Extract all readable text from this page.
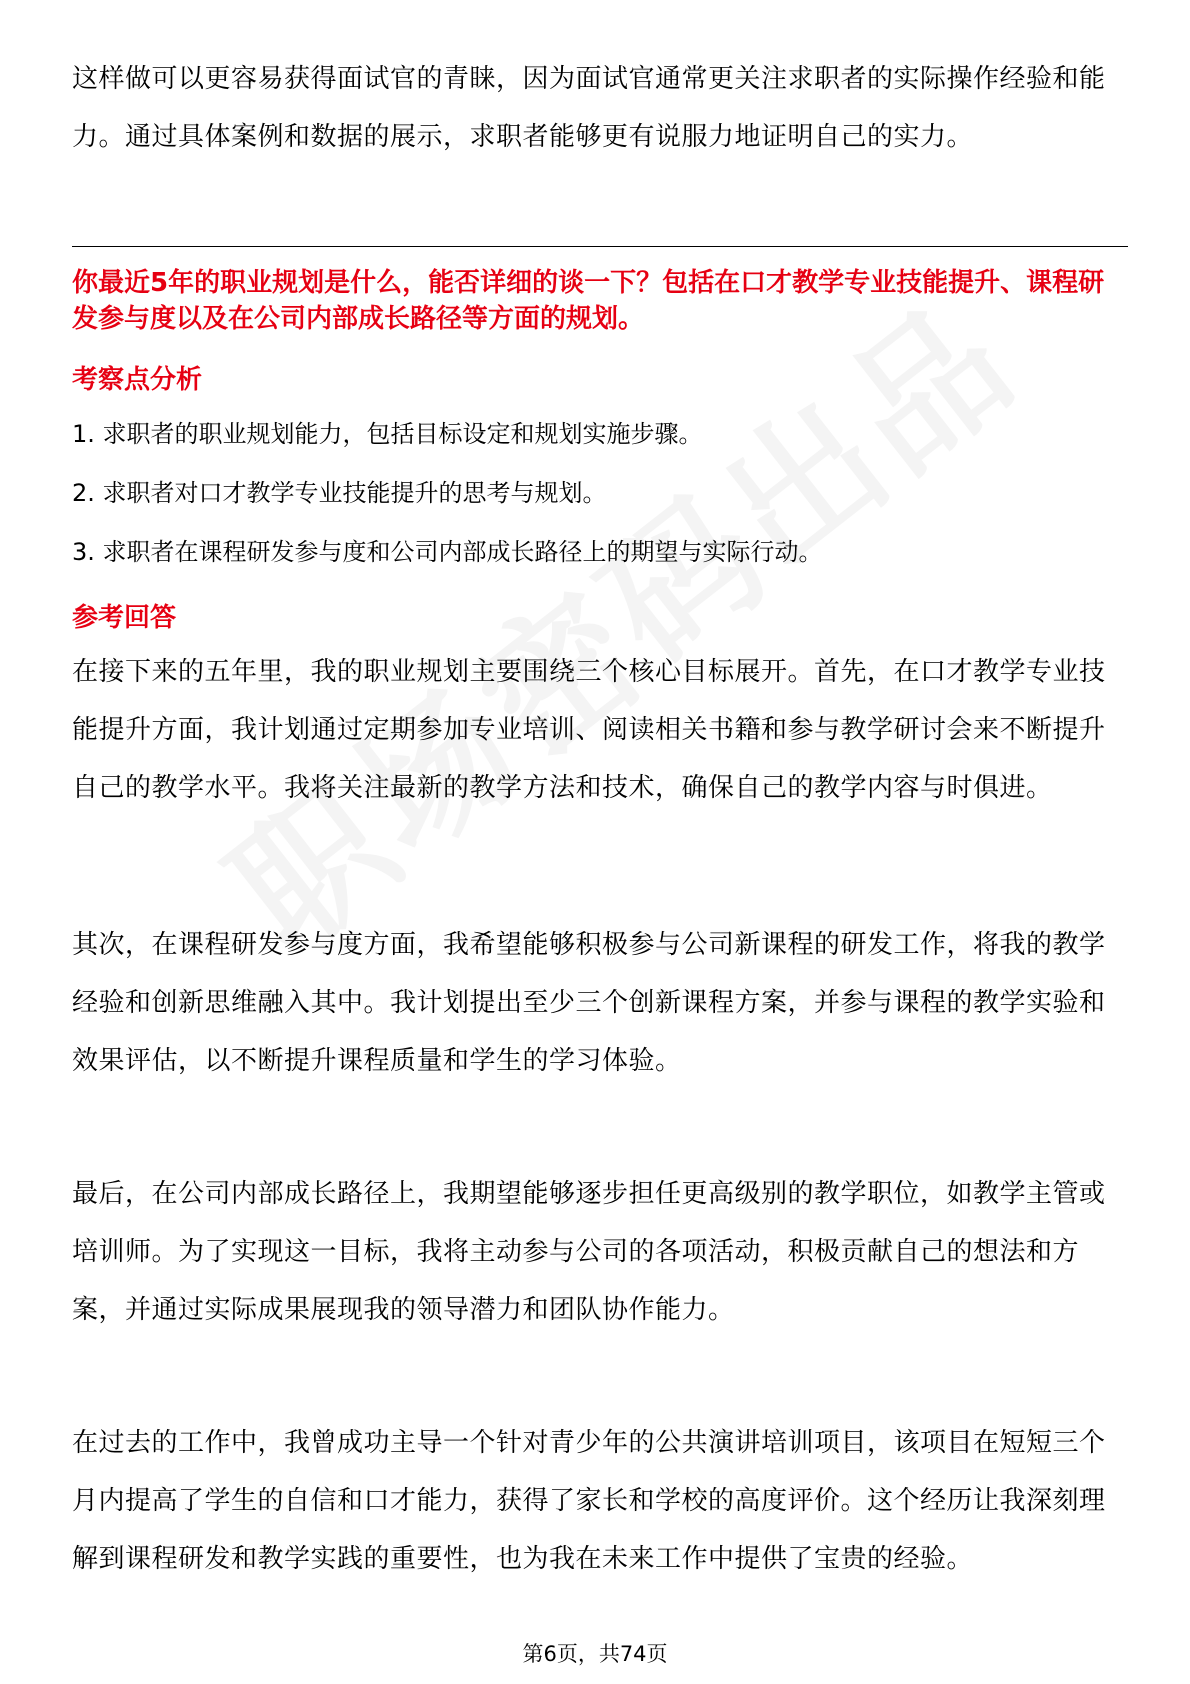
这样做可以更容易获得面试官的青睐，因为面试官通常更关注求职者的实际操作经验和能力。通过具体案例和数据的展示，求职者能够更有说服力地证明自己的实力。

你最近5年的职业规划是什么，能否详细的谈一下？包括在口才教学专业技能提升、课程研发参与度以及在公司内部成长路径等方面的规划。

考察点分析

1. 求职者的职业规划能力，包括目标设定和规划实施步骤。
2. 求职者对口才教学专业技能提升的思考与规划。
3. 求职者在课程研发参与度和公司内部成长路径上的期望与实际行动。

参考回答

在接下来的五年里，我的职业规划主要围绕三个核心目标展开。首先，在口才教学专业技能提升方面，我计划通过定期参加专业培训、阅读相关书籍和参与教学研讨会来不断提升自己的教学水平。我将关注最新的教学方法和技术，确保自己的教学内容与时俱进。

其次，在课程研发参与度方面，我希望能够积极参与公司新课程的研发工作，将我的教学经验和创新思维融入其中。我计划提出至少三个创新课程方案，并参与课程的教学实验和效果评估，以不断提升课程质量和学生的学习体验。

最后，在公司内部成长路径上，我期望能够逐步担任更高级别的教学职位，如教学主管或培训师。为了实现这一目标，我将主动参与公司的各项活动，积极贡献自己的想法和方案，并通过实际成果展现我的领导潜力和团队协作能力。

在过去的工作中，我曾成功主导一个针对青少年的公共演讲培训项目，该项目在短短三个月内提高了学生的自信和口才能力，获得了家长和学校的高度评价。这个经历让我深刻理解到课程研发和教学实践的重要性，也为我在未来工作中提供了宝贵的经验。

第6页，共74页
